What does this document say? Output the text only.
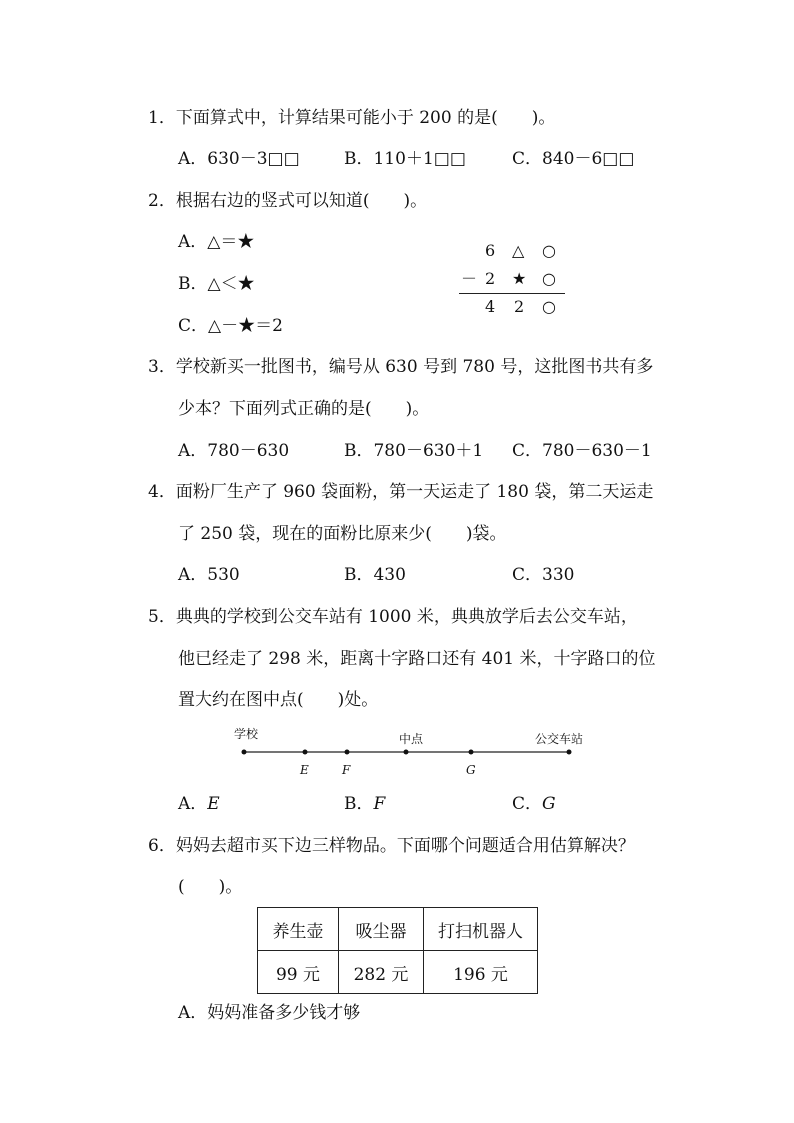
1．下面算式中，计算结果可能小于 200 的是(　　)。
A．630－3□□	B．110＋1□□	C．840－6□□
2．根据右边的竖式可以知道(　　)。
A．△＝★
B．△＜★
C．△－★＝2
6 △ ○
－ 2 ★ ○
4 2 ○
3．学校新买一批图书，编号从 630 号到 780 号，这批图书共有多
少本？下面列式正确的是(　　)。
A．780－630	B．780－630＋1 C．780－630－1
4．面粉厂生产了 960 袋面粉，第一天运走了 180 袋，第二天运走
了 250 袋，现在的面粉比原来少(　　)袋。
A．530	B．430	C．330
5．典典的学校到公交车站有 1000 米，典典放学后去公交车站，
他已经走了 298 米，距离十字路口还有 401 米，十字路口的位
置大约在图中点(　　)处。
学校	中点	公交车站
E	F	G
A．E	B．F	C．G
6．妈妈去超市买下边三样物品。下面哪个问题适合用估算解决？
(　　)。
养生壶	吸尘器	打扫机器人
99 元	282 元	196 元
A．妈妈准备多少钱才够
